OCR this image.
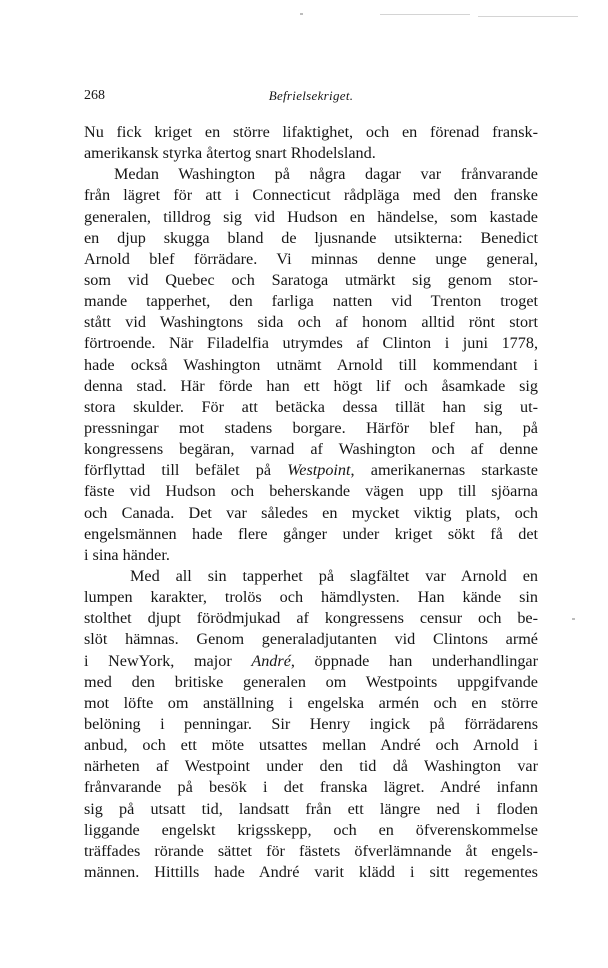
268	Befrielsekriget.
Nu fick kriget en större lifaktighet, och en förenad fransk-
amerikansk styrka återtog snart Rhodelsland.
Medan Washington på några dagar var frånvarande
från lägret för att i Connecticut rådpläga med den franske
generalen, tilldrog sig vid Hudson en händelse, som kastade
en djup skugga bland de ljusnande utsikterna: Benedict
Arnold blef förrädare. Vi minnas denne unge general,
som vid Quebec och Saratoga utmärkt sig genom stor-
mande tapperhet, den farliga natten vid Trenton troget
stått vid Washingtons sida och af honom alltid rönt stort
förtroende. När Filadelfia utrymdes af Clinton i juni 1778,
hade också Washington utnämt Arnold till kommendant i
denna stad. Här förde han ett högt lif och åsamkade sig
stora skulder. För att betäcka dessa tillät han sig ut-
pressningar mot stadens borgare. Härför blef han, på
kongressens begäran, varnad af Washington och af denne
förflyttad till befälet på Westpoint, amerikanernas starkaste
fäste vid Hudson och beherskande vägen upp till sjöarna
och Canada. Det var således en mycket viktig plats, och
engelsmännen hade flere gånger under kriget sökt få det
i sina händer.
Med all sin tapperhet på slagfältet var Arnold en
lumpen karakter, trolös och hämdlysten. Han kände sin
stolthet djupt förödmjukad af kongressens censur och be-
slöt hämnas. Genom generaladjutanten vid Clintons armé
i NewYork, major André, öppnade han underhandlingar
med den britiske generalen om Westpoints uppgifvande
mot löfte om anställning i engelska armén och en större
belöning i penningar. Sir Henry ingick på förrädarens
anbud, och ett möte utsattes mellan André och Arnold i
närheten af Westpoint under den tid då Washington var
frånvarande på besök i det franska lägret. André infann
sig på utsatt tid, landsatt från ett längre ned i floden
liggande engelskt krigsskepp, och en öfverenskommelse
träffades rörande sättet för fästets öfverlämnande åt engels-
männen. Hittills hade André varit klädd i sitt regementes
